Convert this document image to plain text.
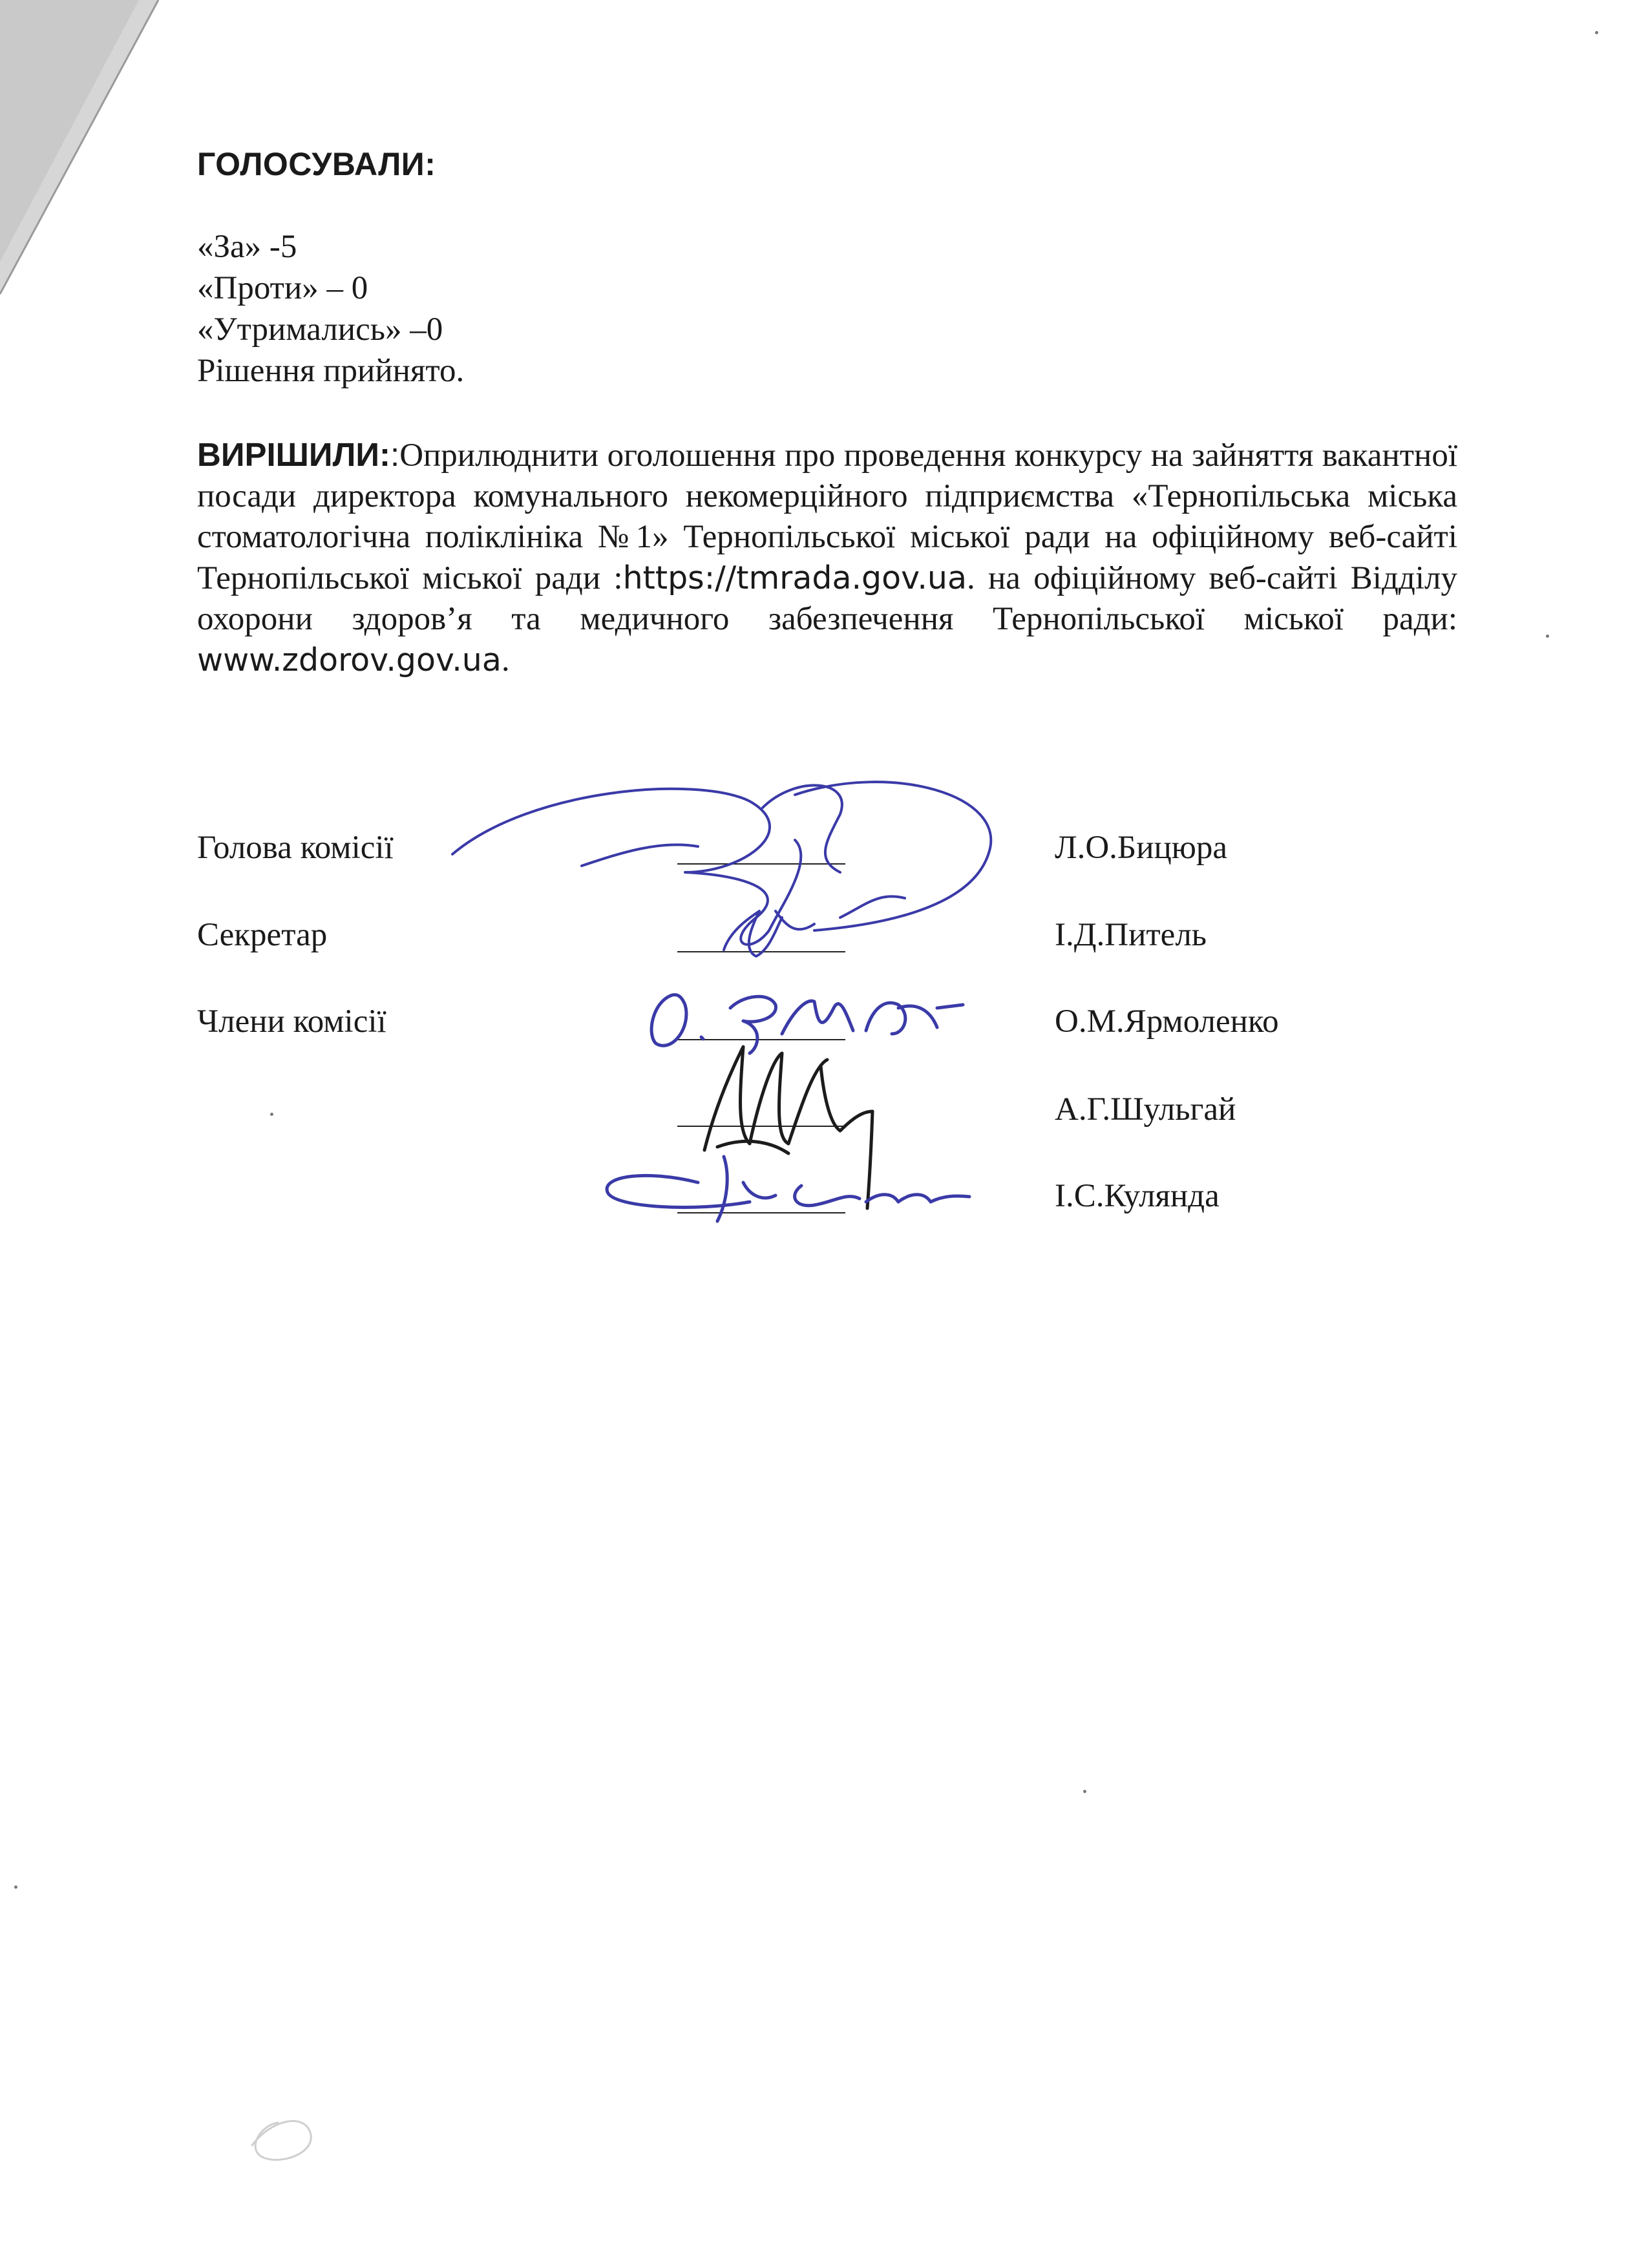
ГОЛОСУВАЛИ:
«За» -5
«Проти» – 0
«Утримались» –0
Рішення прийнято.
ВИРІШИЛИ::Оприлюднити оголошення про проведення конкурсу на зайняття вакантної посади директора комунального некомерційного підприємства «Тернопільська міська стоматологічна поліклініка №1» Тернопільської міської ради на офіційному веб-сайті Тернопільської міської ради :https://tmrada.gov.ua. на офіційному веб-сайті Відділу охорони здоров’я та медичного забезпечення Тернопільської міської ради: www.zdorov.gov.ua.
Голова комісії	Л.О.Бицюра
Секретар	І.Д.Питель
Члени комісії	О.М.Ярмоленко
А.Г.Шульгай
І.С.Кулянда
